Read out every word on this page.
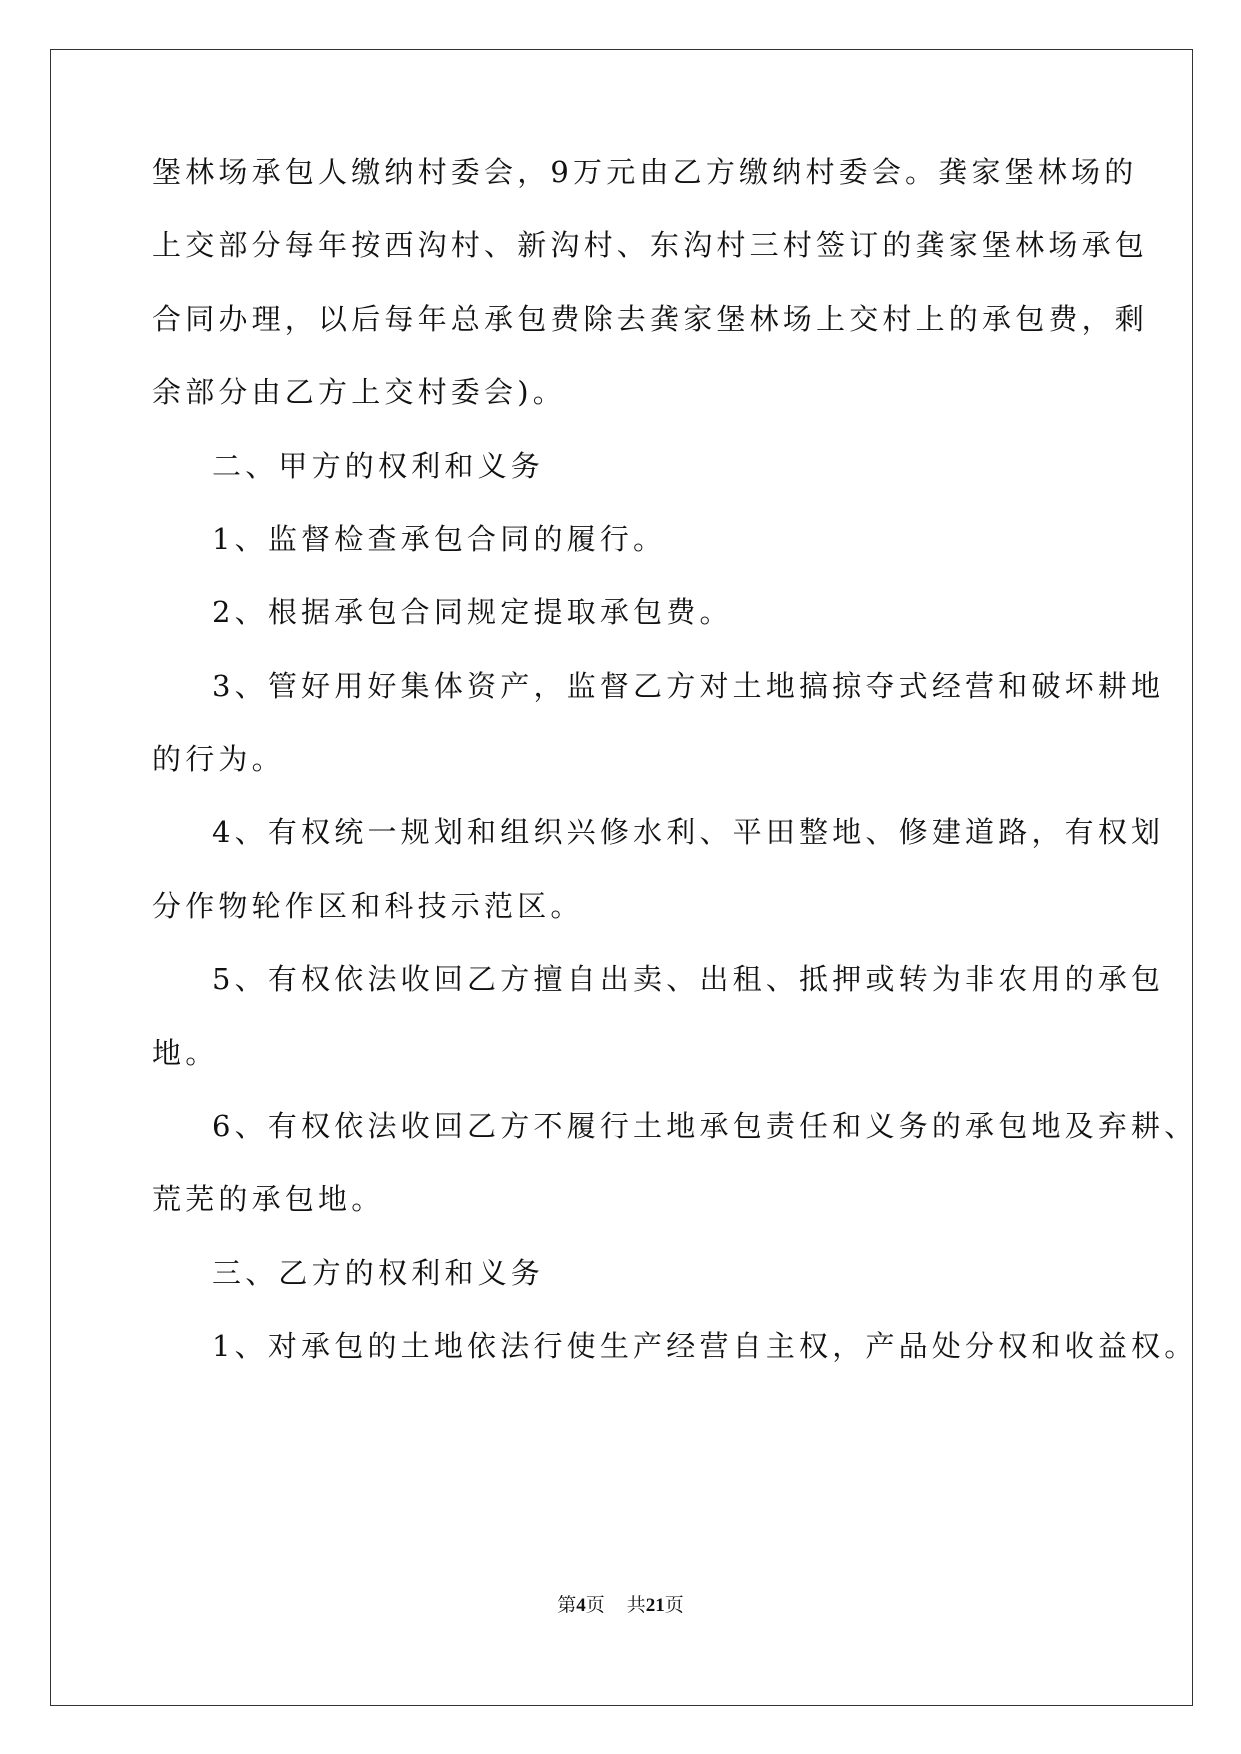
堡林场承包人缴纳村委会，9万元由乙方缴纳村委会。龚家堡林场的

上交部分每年按西沟村、新沟村、东沟村三村签订的龚家堡林场承包

合同办理，以后每年总承包费除去龚家堡林场上交村上的承包费，剩

余部分由乙方上交村委会)。

二、甲方的权利和义务

1、监督检查承包合同的履行。

2、根据承包合同规定提取承包费。

3、管好用好集体资产，监督乙方对土地搞掠夺式经营和破坏耕地

的行为。

4、有权统一规划和组织兴修水利、平田整地、修建道路，有权划

分作物轮作区和科技示范区。

5、有权依法收回乙方擅自出卖、出租、抵押或转为非农用的承包

地。

6、有权依法收回乙方不履行土地承包责任和义务的承包地及弃耕、

荒芜的承包地。

三、乙方的权利和义务

1、对承包的土地依法行使生产经营自主权，产品处分权和收益权。

第4页 共21页
